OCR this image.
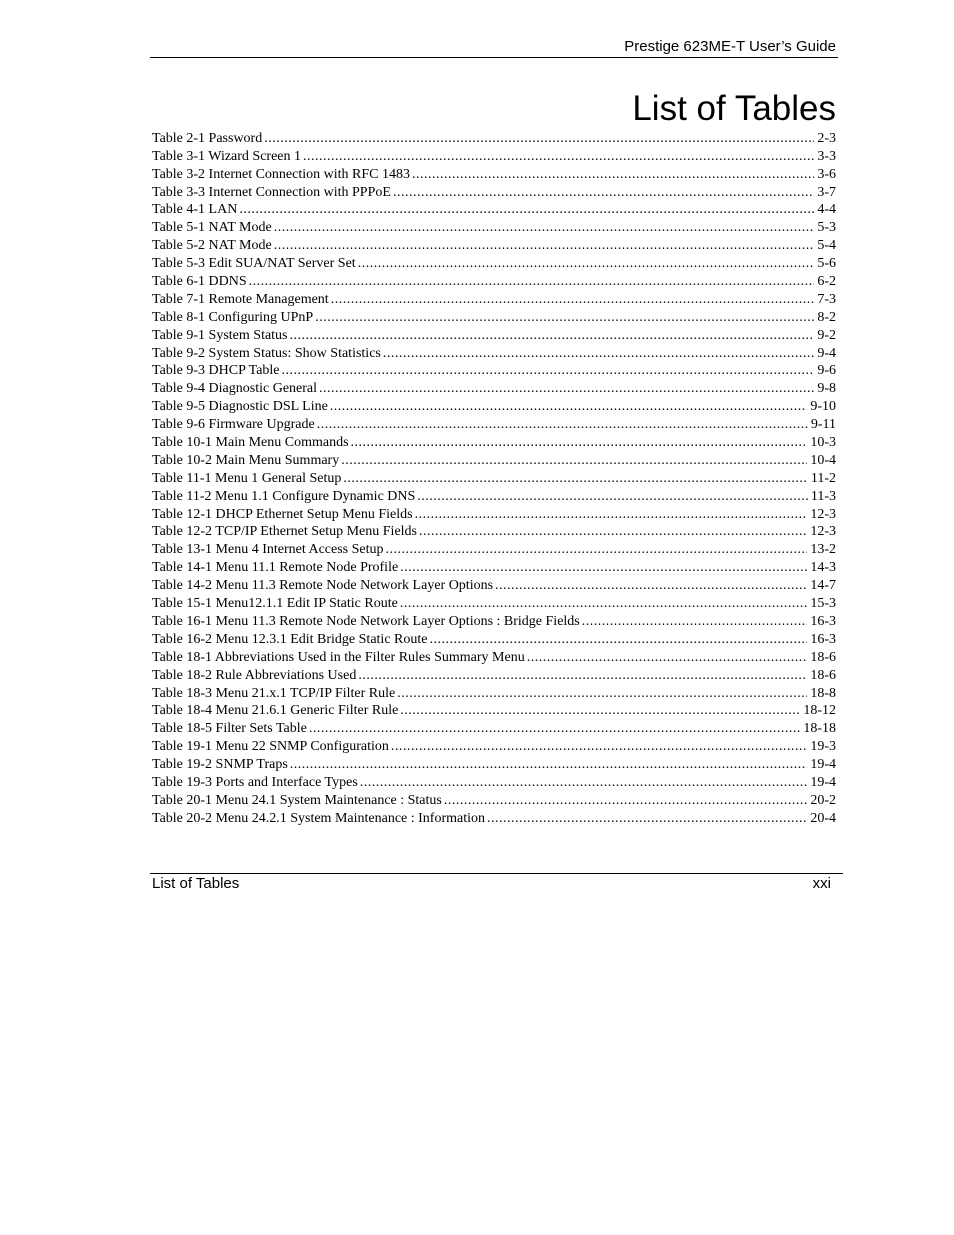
Prestige 623ME-T User’s Guide
List of Tables
Table 2-1 Password .....	2-3
Table 3-1 Wizard Screen 1 .....	3-3
Table 3-2 Internet Connection with RFC 1483 .....	3-6
Table 3-3 Internet Connection with PPPoE .....	3-7
Table 4-1 LAN .....	4-4
Table 5-1 NAT Mode .....	5-3
Table 5-2 NAT Mode .....	5-4
Table 5-3 Edit SUA/NAT Server Set .....	5-6
Table 6-1 DDNS .....	6-2
Table 7-1 Remote Management .....	7-3
Table 8-1 Configuring UPnP .....	8-2
Table 9-1 System Status .....	9-2
Table 9-2 System Status: Show Statistics .....	9-4
Table 9-3 DHCP Table .....	9-6
Table 9-4 Diagnostic General .....	9-8
Table 9-5 Diagnostic DSL Line .....	9-10
Table 9-6 Firmware Upgrade .....	9-11
Table 10-1 Main Menu Commands .....	10-3
Table 10-2 Main Menu Summary .....	10-4
Table 11-1 Menu 1 General Setup .....	11-2
Table 11-2 Menu 1.1 Configure Dynamic DNS .....	11-3
Table 12-1 DHCP Ethernet Setup Menu Fields .....	12-3
Table 12-2 TCP/IP Ethernet Setup Menu Fields .....	12-3
Table 13-1 Menu 4 Internet Access Setup .....	13-2
Table 14-1 Menu 11.1 Remote Node Profile .....	14-3
Table 14-2 Menu 11.3 Remote Node Network Layer Options .....	14-7
Table 15-1 Menu12.1.1 Edit IP Static Route .....	15-3
Table 16-1 Menu 11.3 Remote Node Network Layer Options : Bridge Fields .....	16-3
Table 16-2 Menu 12.3.1 Edit Bridge Static Route .....	16-3
Table 18-1 Abbreviations Used in the Filter Rules Summary Menu .....	18-6
Table 18-2 Rule Abbreviations Used .....	18-6
Table 18-3 Menu 21.x.1 TCP/IP Filter Rule .....	18-8
Table 18-4 Menu 21.6.1 Generic Filter Rule .....	18-12
Table 18-5 Filter Sets Table .....	18-18
Table 19-1 Menu 22 SNMP Configuration .....	19-3
Table 19-2 SNMP Traps .....	19-4
Table 19-3 Ports and Interface Types .....	19-4
Table 20-1 Menu 24.1 System Maintenance : Status .....	20-2
Table 20-2 Menu 24.2.1 System Maintenance : Information .....	20-4
List of Tables	xxi
